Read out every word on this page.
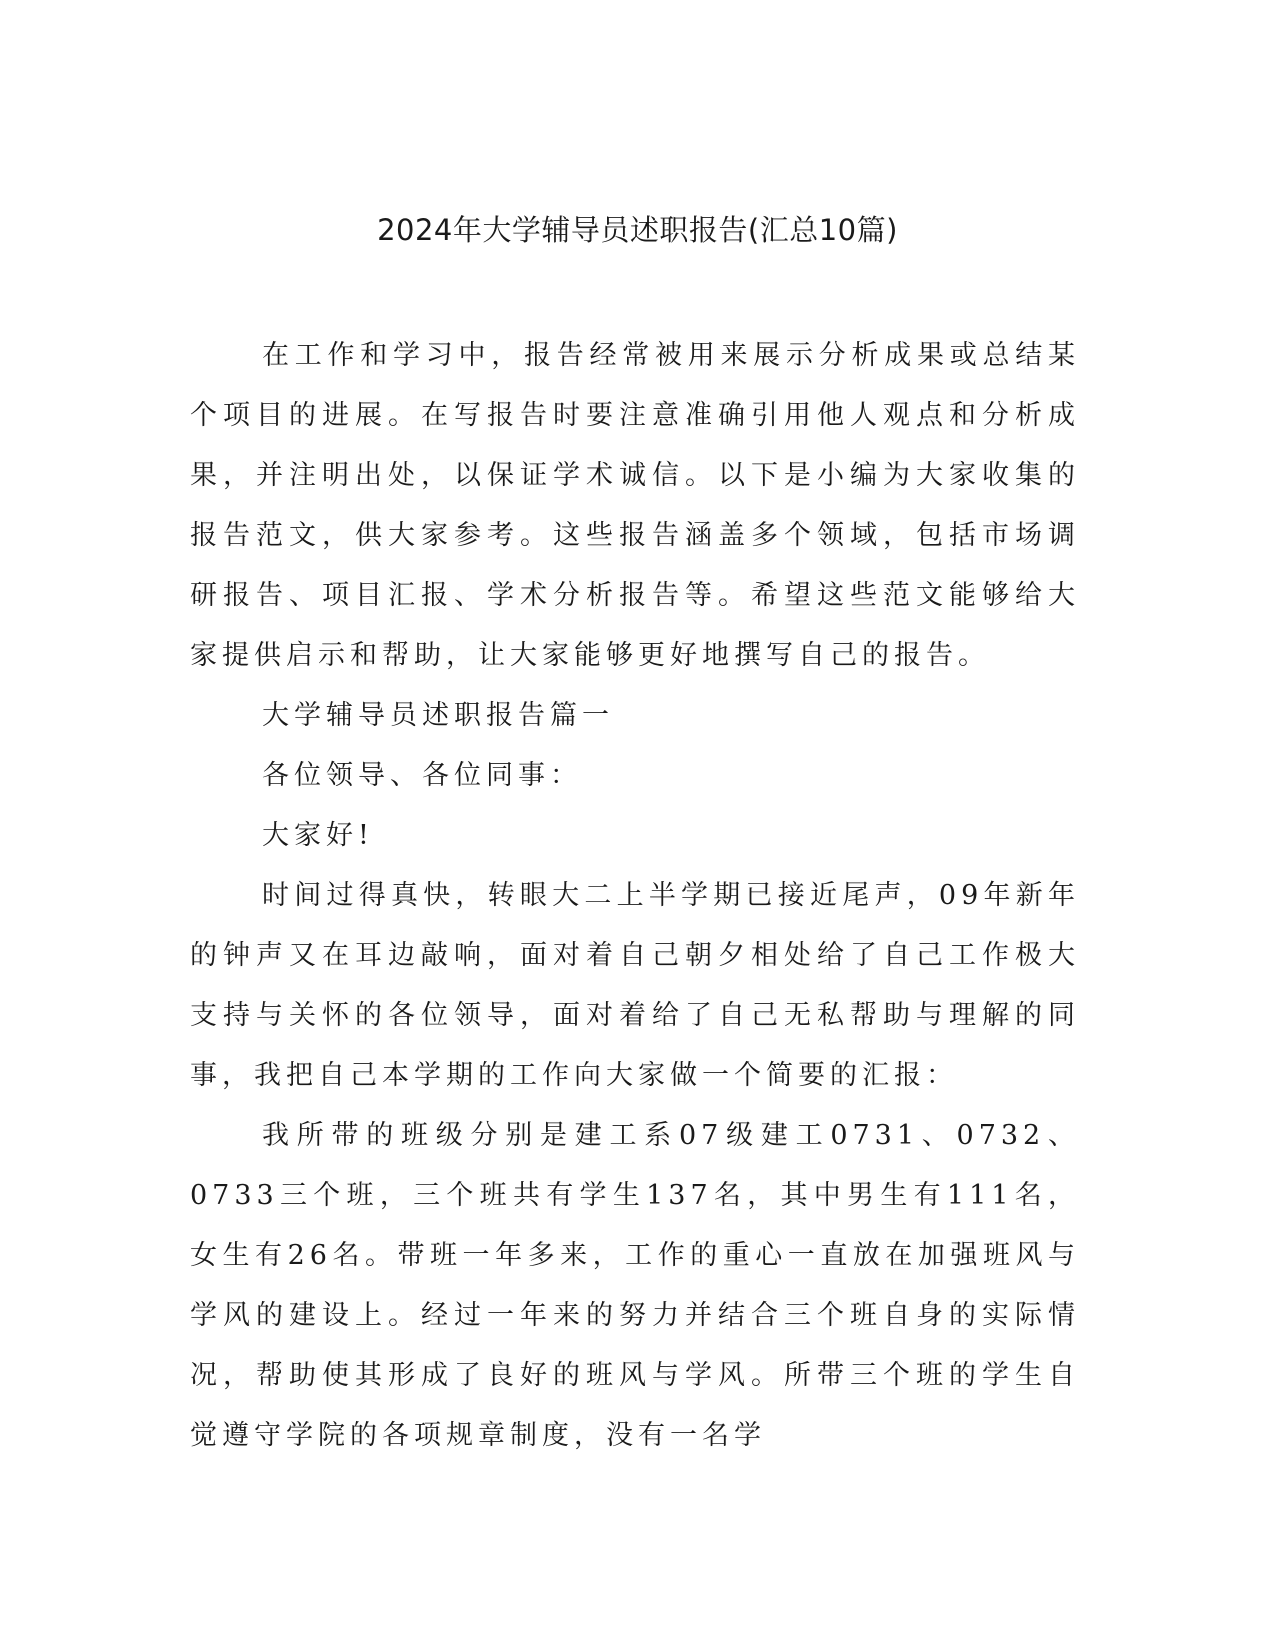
2024年大学辅导员述职报告(汇总10篇)

在工作和学习中，报告经常被用来展示分析成果或总结某个项目的进展。在写报告时要注意准确引用他人观点和分析成果，并注明出处，以保证学术诚信。以下是小编为大家收集的报告范文，供大家参考。这些报告涵盖多个领域，包括市场调研报告、项目汇报、学术分析报告等。希望这些范文能够给大家提供启示和帮助，让大家能够更好地撰写自己的报告。

大学辅导员述职报告篇一

各位领导、各位同事：

大家好!

时间过得真快，转眼大二上半学期已接近尾声，09年新年的钟声又在耳边敲响，面对着自己朝夕相处给了自己工作极大支持与关怀的各位领导，面对着给了自己无私帮助与理解的同事，我把自己本学期的工作向大家做一个简要的汇报：

我所带的班级分别是建工系07级建工0731、0732、0733三个班，三个班共有学生137名，其中男生有111名，女生有26名。带班一年多来，工作的重心一直放在加强班风与学风的建设上。经过一年来的努力并结合三个班自身的实际情况，帮助使其形成了良好的班风与学风。所带三个班的学生自觉遵守学院的各项规章制度，没有一名学
